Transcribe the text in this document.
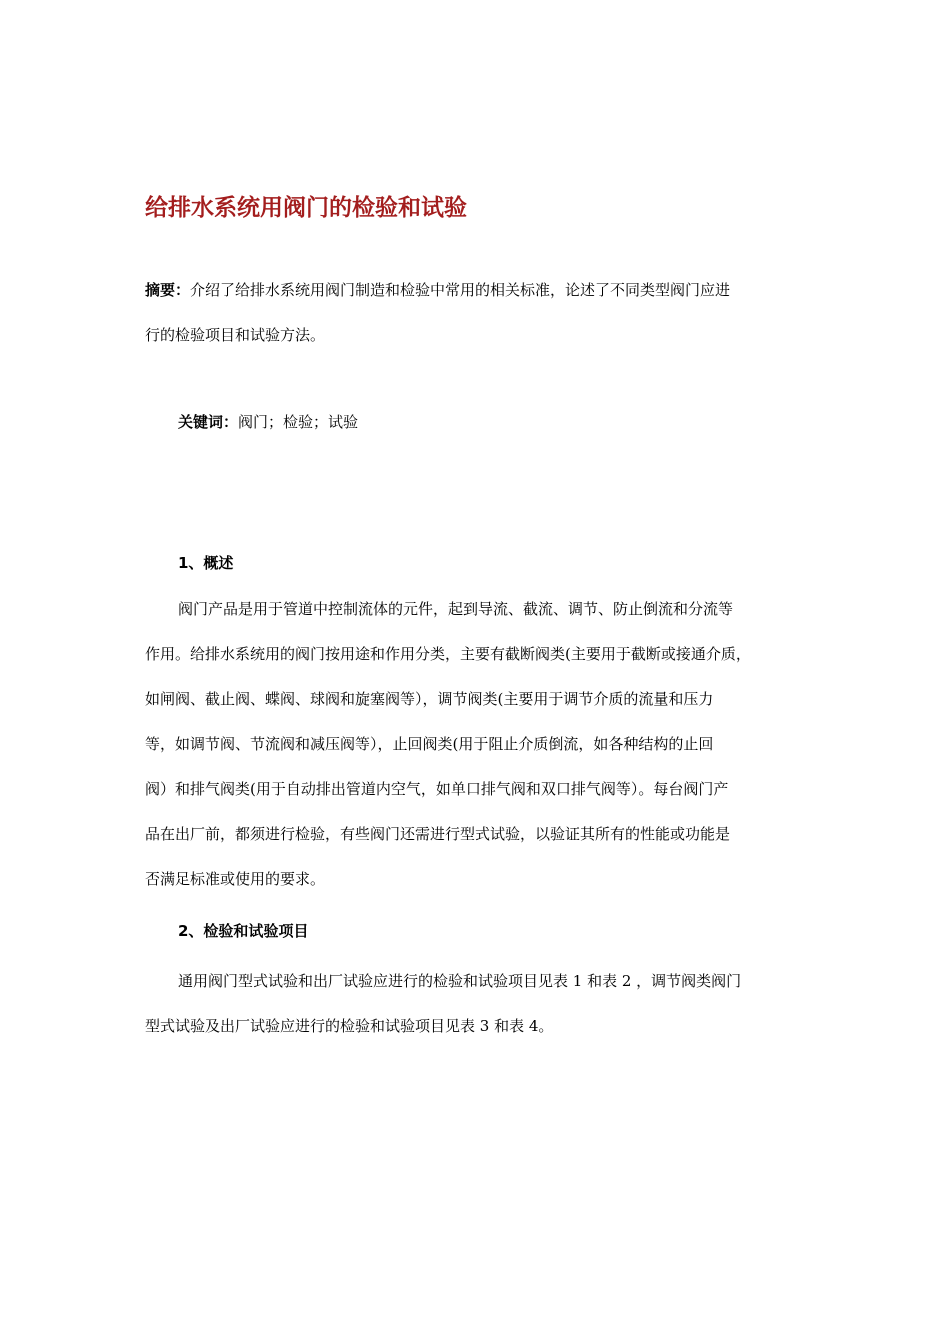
给排水系统用阀门的检验和试验

摘要：介绍了给排水系统用阀门制造和检验中常用的相关标准，论述了不同类型阀门应进
行的检验项目和试验方法。

关键词：阀门；检验；试验

1、概述

阀门产品是用于管道中控制流体的元件，起到导流、截流、调节、防止倒流和分流等
作用。给排水系统用的阀门按用途和作用分类，主要有截断阀类(主要用于截断或接通介质，
如闸阀、截止阀、蝶阀、球阀和旋塞阀等），调节阀类(主要用于调节介质的流量和压力
等，如调节阀、节流阀和减压阀等），止回阀类(用于阻止介质倒流，如各种结构的止回
阀）和排气阀类(用于自动排出管道内空气，如单口排气阀和双口排气阀等）。每台阀门产
品在出厂前，都须进行检验，有些阀门还需进行型式试验，以验证其所有的性能或功能是
否满足标准或使用的要求。

2、检验和试验项目

通用阀门型式试验和出厂试验应进行的检验和试验项目见表 1 和表 2 ，调节阀类阀门
型式试验及出厂试验应进行的检验和试验项目见表 3 和表 4。
